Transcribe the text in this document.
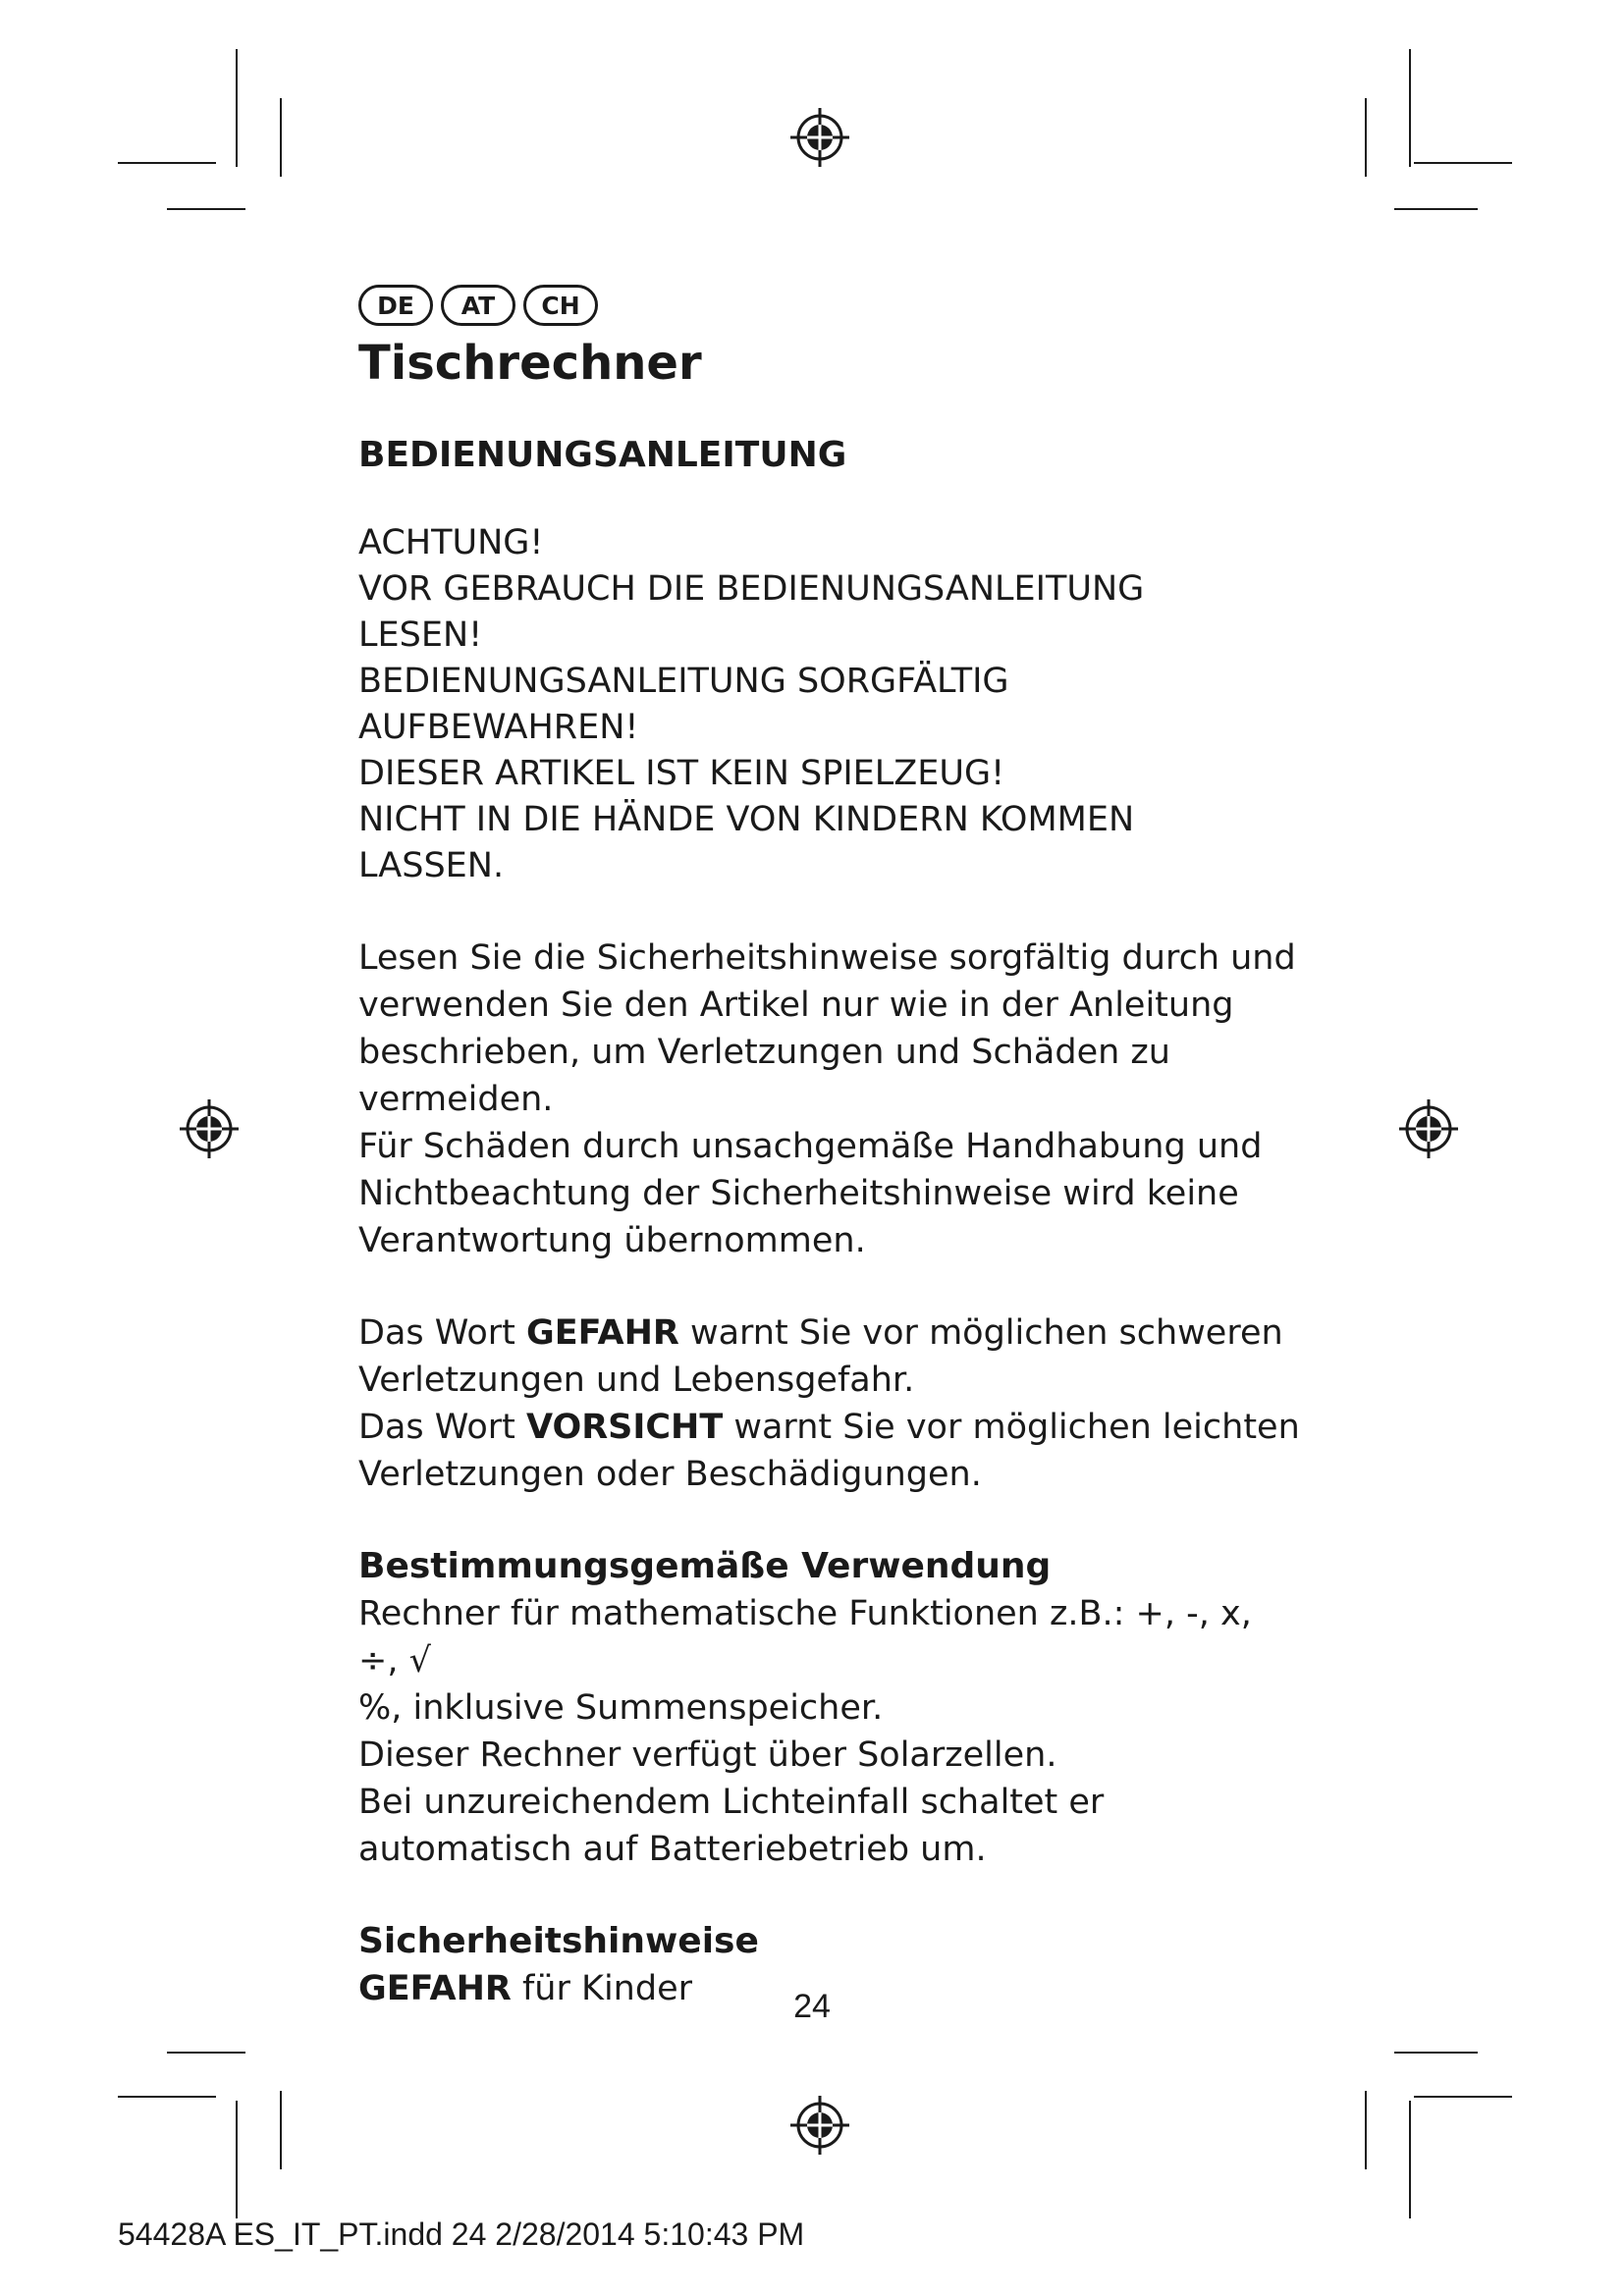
DE	AT	CH
Tischrechner
BEDIENUNGSANLEITUNG

ACHTUNG!

VOR GEBRAUCH DIE BEDIENUNGSANLEITUNG

LESEN!

BEDIENUNGSANLEITUNG SORGFÄLTIG

AUFBEWAHREN!

DIESER ARTIKEL IST KEIN SPIELZEUG!

NICHT IN DIE HÄNDE VON KINDERN KOMMEN

LASSEN.

Lesen Sie die Sicherheitshinweise sorgfältig durch und verwenden Sie den Artikel nur wie in der Anleitung beschrieben, um Verletzungen und Schäden zu vermeiden.

Für Schäden durch unsachgemäße Handhabung und Nichtbeachtung der Sicherheitshinweise wird keine Verantwortung übernommen.

Das Wort GEFAHR warnt Sie vor möglichen schweren Verletzungen und Lebensgefahr.

Das Wort VORSICHT warnt Sie vor möglichen leichten Verletzungen oder Beschädigungen.

Bestimmungsgemäße Verwendung

Rechner für mathematische Funktionen z.B.: +, -, x, ÷, √

%, inklusive Summenspeicher.

Dieser Rechner verfügt über Solarzellen.

Bei unzureichendem Lichteinfall schaltet er automatisch auf Batteriebetrieb um.

Sicherheitshinweise

GEFAHR für Kinder	24
54428A ES_IT_PT.indd 24 2/28/2014 5:10:43 PM
